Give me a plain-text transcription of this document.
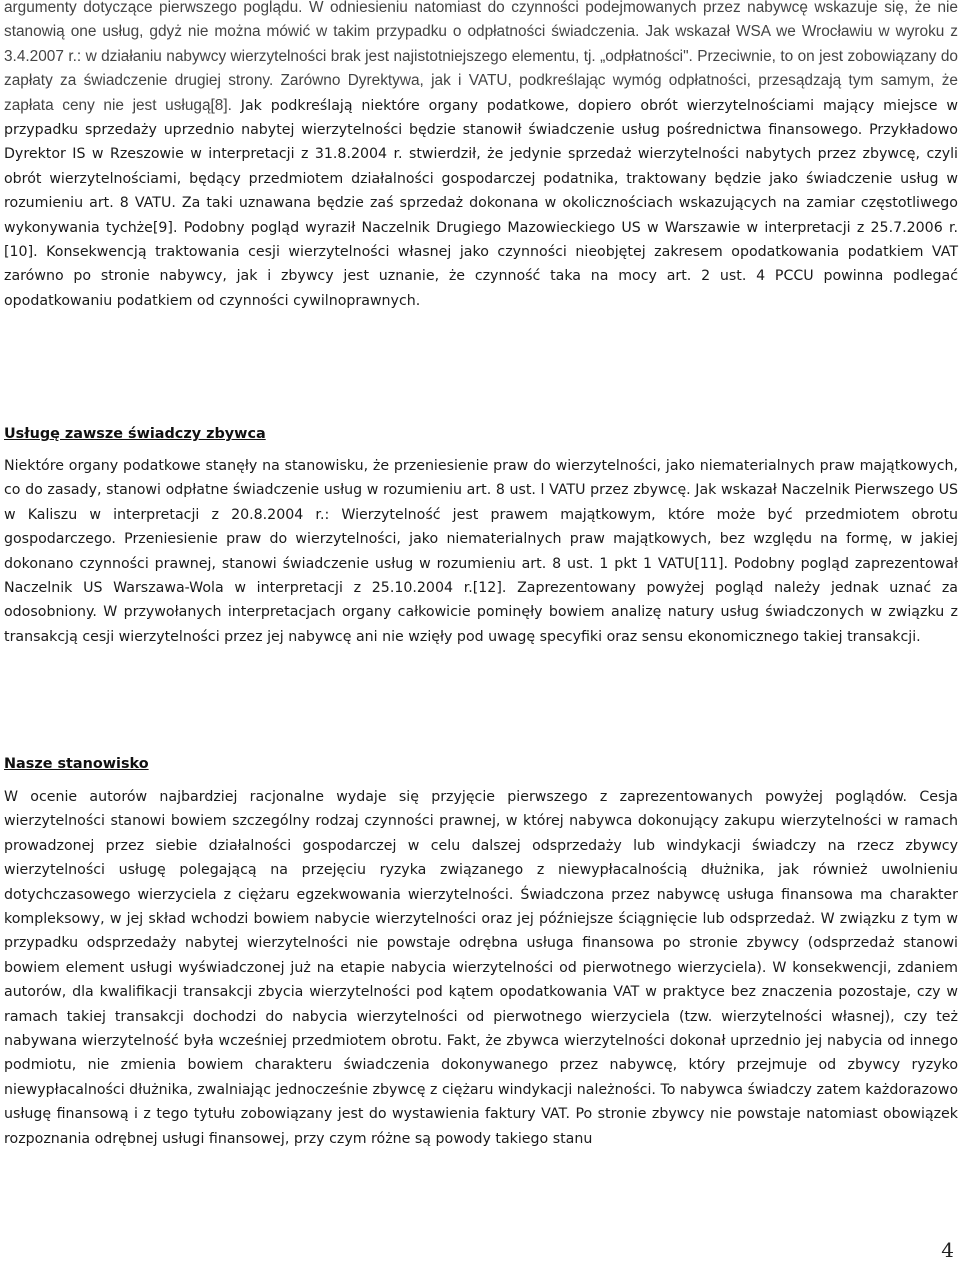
argumenty dotyczące pierwszego poglądu. W odniesieniu natomiast do czynności podejmowanych przez nabywcę wskazuje się, że nie stanowią one usług, gdyż nie można mówić w takim przypadku o odpłatności świadczenia. Jak wskazał WSA we Wrocławiu w wyroku z 3.4.2007 r.: w działaniu nabywcy wierzytelności brak jest najistotniejszego elementu, tj. „odpłatności". Przeciwnie, to on jest zobowiązany do zapłaty za świadczenie drugiej strony. Zarówno Dyrektywa, jak i VATU, podkreślając wymóg odpłatności, przesądzają tym samym, że zapłata ceny nie jest usługą[8]. Jak podkreślają niektóre organy podatkowe, dopiero obrót wierzytelnościami mający miejsce w przypadku sprzedaży uprzednio nabytej wierzytelności będzie stanowił świadczenie usług pośrednictwa finansowego. Przykładowo Dyrektor IS w Rzeszowie w interpretacji z 31.8.2004 r. stwierdził, że jedynie sprzedaż wierzytelności nabytych przez zbywcę, czyli obrót wierzytelnościami, będący przedmiotem działalności gospodarczej podatnika, traktowany będzie jako świadczenie usług w rozumieniu art. 8 VATU. Za taki uznawana będzie zaś sprzedaż dokonana w okolicznościach wskazujących na zamiar częstotliwego wykonywania tychże[9]. Podobny pogląd wyraził Naczelnik Drugiego Mazowieckiego US w Warszawie w interpretacji z 25.7.2006 r.[10]. Konsekwencją traktowania cesji wierzytelności własnej jako czynności nieobjętej zakresem opodatkowania podatkiem VAT zarówno po stronie nabywcy, jak i zbywcy jest uznanie, że czynność taka na mocy art. 2 ust. 4 PCCU powinna podlegać opodatkowaniu podatkiem od czynności cywilnoprawnych.

Usługę zawsze świadczy zbywca

Niektóre organy podatkowe stanęły na stanowisku, że przeniesienie praw do wierzytelności, jako niematerialnych praw majątkowych, co do zasady, stanowi odpłatne świadczenie usług w rozumieniu art. 8 ust. l VATU przez zbywcę. Jak wskazał Naczelnik Pierwszego US w Kaliszu w interpretacji z 20.8.2004 r.: Wierzytelność jest prawem majątkowym, które może być przedmiotem obrotu gospodarczego. Przeniesienie praw do wierzytelności, jako niematerialnych praw majątkowych, bez względu na formę, w jakiej dokonano czynności prawnej, stanowi świadczenie usług w rozumieniu art. 8 ust. 1 pkt 1 VATU[11]. Podobny pogląd zaprezentował Naczelnik US Warszawa-Wola w interpretacji z 25.10.2004 r.[12]. Zaprezentowany powyżej pogląd należy jednak uznać za odosobniony. W przywołanych interpretacjach organy całkowicie pominęły bowiem analizę natury usług świadczonych w związku z transakcją cesji wierzytelności przez jej nabywcę ani nie wzięły pod uwagę specyfiki oraz sensu ekonomicznego takiej transakcji.

Nasze stanowisko

W ocenie autorów najbardziej racjonalne wydaje się przyjęcie pierwszego z zaprezentowanych powyżej poglądów. Cesja wierzytelności stanowi bowiem szczególny rodzaj czynności prawnej, w której nabywca dokonujący zakupu wierzytelności w ramach prowadzonej przez siebie działalności gospodarczej w celu dalszej odsprzedaży lub windykacji świadczy na rzecz zbywcy wierzytelności usługę polegającą na przejęciu ryzyka związanego z niewypłacalnością dłużnika, jak również uwolnieniu dotychczasowego wierzyciela z ciężaru egzekwowania wierzytelności. Świadczona przez nabywcę usługa finansowa ma charakter kompleksowy, w jej skład wchodzi bowiem nabycie wierzytelności oraz jej późniejsze ściągnięcie lub odsprzedaż. W związku z tym w przypadku odsprzedaży nabytej wierzytelności nie powstaje odrębna usługa finansowa po stronie zbywcy (odsprzedaż stanowi bowiem element usługi wyświadczonej już na etapie nabycia wierzytelności od pierwotnego wierzyciela). W konsekwencji, zdaniem autorów, dla kwalifikacji transakcji zbycia wierzytelności pod kątem opodatkowania VAT w praktyce bez znaczenia pozostaje, czy w ramach takiej transakcji dochodzi do nabycia wierzytelności od pierwotnego wierzyciela (tzw. wierzytelności własnej), czy też nabywana wierzytelność była wcześniej przedmiotem obrotu. Fakt, że zbywca wierzytelności dokonał uprzednio jej nabycia od innego podmiotu, nie zmienia bowiem charakteru świadczenia dokonywanego przez nabywcę, który przejmuje od zbywcy ryzyko niewypłacalności dłużnika, zwalniając jednocześnie zbywcę z ciężaru windykacji należności. To nabywca świadczy zatem każdorazowo usługę finansową i z tego tytułu zobowiązany jest do wystawienia faktury VAT. Po stronie zbywcy nie powstaje natomiast obowiązek rozpoznania odrębnej usługi finansowej, przy czym różne są powody takiego stanu

4
